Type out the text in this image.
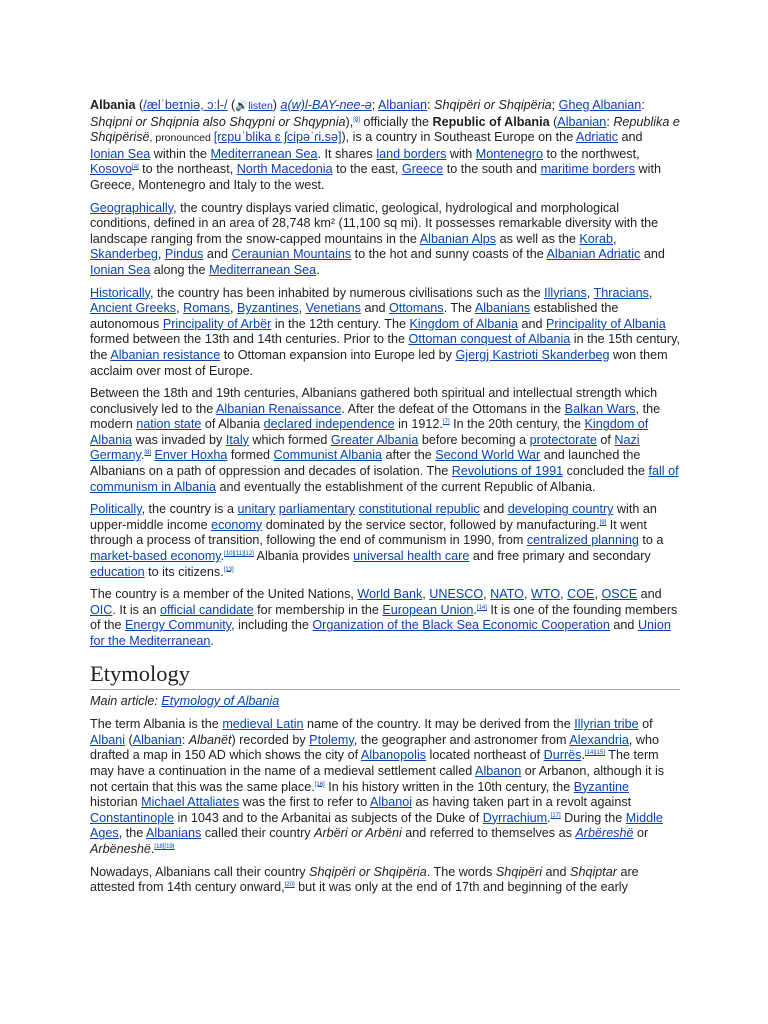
Albania (/ælˈbeɪniə, ɔːl-/ (🔊listen) a(w)l-BAY-nee-ə; Albanian: Shqipëri or Shqipëria; Gheg Albanian: Shqipni or Shqipnia also Shqypni or Shqypnia),[8] officially the Republic of Albania (Albanian: Republika e Shqipërisë, pronounced [rɛpuˈblika ɛ ʃcipəˈɾi.sə]), is a country in Southeast Europe on the Adriatic and Ionian Sea within the Mediterranean Sea. It shares land borders with Montenegro to the northwest, Kosovo[a] to the northeast, North Macedonia to the east, Greece to the south and maritime borders with Greece, Montenegro and Italy to the west.

Geographically, the country displays varied climatic, geological, hydrological and morphological conditions, defined in an area of 28,748 km² (11,100 sq mi). It possesses remarkable diversity with the landscape ranging from the snow-capped mountains in the Albanian Alps as well as the Korab, Skanderbeg, Pindus and Ceraunian Mountains to the hot and sunny coasts of the Albanian Adriatic and Ionian Sea along the Mediterranean Sea.

Historically, the country has been inhabited by numerous civilisations such as the Illyrians, Thracians, Ancient Greeks, Romans, Byzantines, Venetians and Ottomans. The Albanians established the autonomous Principality of Arbër in the 12th century. The Kingdom of Albania and Principality of Albania formed between the 13th and 14th centuries. Prior to the Ottoman conquest of Albania in the 15th century, the Albanian resistance to Ottoman expansion into Europe led by Gjergj Kastrioti Skanderbeg won them acclaim over most of Europe.

Between the 18th and 19th centuries, Albanians gathered both spiritual and intellectual strength which conclusively led to the Albanian Renaissance. After the defeat of the Ottomans in the Balkan Wars, the modern nation state of Albania declared independence in 1912.[7] In the 20th century, the Kingdom of Albania was invaded by Italy which formed Greater Albania before becoming a protectorate of Nazi Germany.[8] Enver Hoxha formed Communist Albania after the Second World War and launched the Albanians on a path of oppression and decades of isolation. The Revolutions of 1991 concluded the fall of communism in Albania and eventually the establishment of the current Republic of Albania.

Politically, the country is a unitary parliamentary constitutional republic and developing country with an upper-middle income economy dominated by the service sector, followed by manufacturing.[9] It went through a process of transition, following the end of communism in 1990, from centralized planning to a market-based economy.[10][11][12] Albania provides universal health care and free primary and secondary education to its citizens.[13]

The country is a member of the United Nations, World Bank, UNESCO, NATO, WTO, COE, OSCE and OIC. It is an official candidate for membership in the European Union.[14] It is one of the founding members of the Energy Community, including the Organization of the Black Sea Economic Cooperation and Union for the Mediterranean.

Etymology
Main article: Etymology of Albania

The term Albania is the medieval Latin name of the country. It may be derived from the Illyrian tribe of Albani (Albanian: Albanët) recorded by Ptolemy, the geographer and astronomer from Alexandria, who drafted a map in 150 AD which shows the city of Albanopolis located northeast of Durrës.[14][15] The term may have a continuation in the name of a medieval settlement called Albanon or Arbanon, although it is not certain that this was the same place.[16] In his history written in the 10th century, the Byzantine historian Michael Attaliates was the first to refer to Albanoi as having taken part in a revolt against Constantinople in 1043 and to the Arbanitai as subjects of the Duke of Dyrrachium.[17] During the Middle Ages, the Albanians called their country Arbëri or Arbëni and referred to themselves as Arbëreshë or Arbëneshë.[18][19]

Nowadays, Albanians call their country Shqipëri or Shqipëria. The words Shqipëri and Shqiptar are attested from 14th century onward,[20] but it was only at the end of 17th and beginning of the early
